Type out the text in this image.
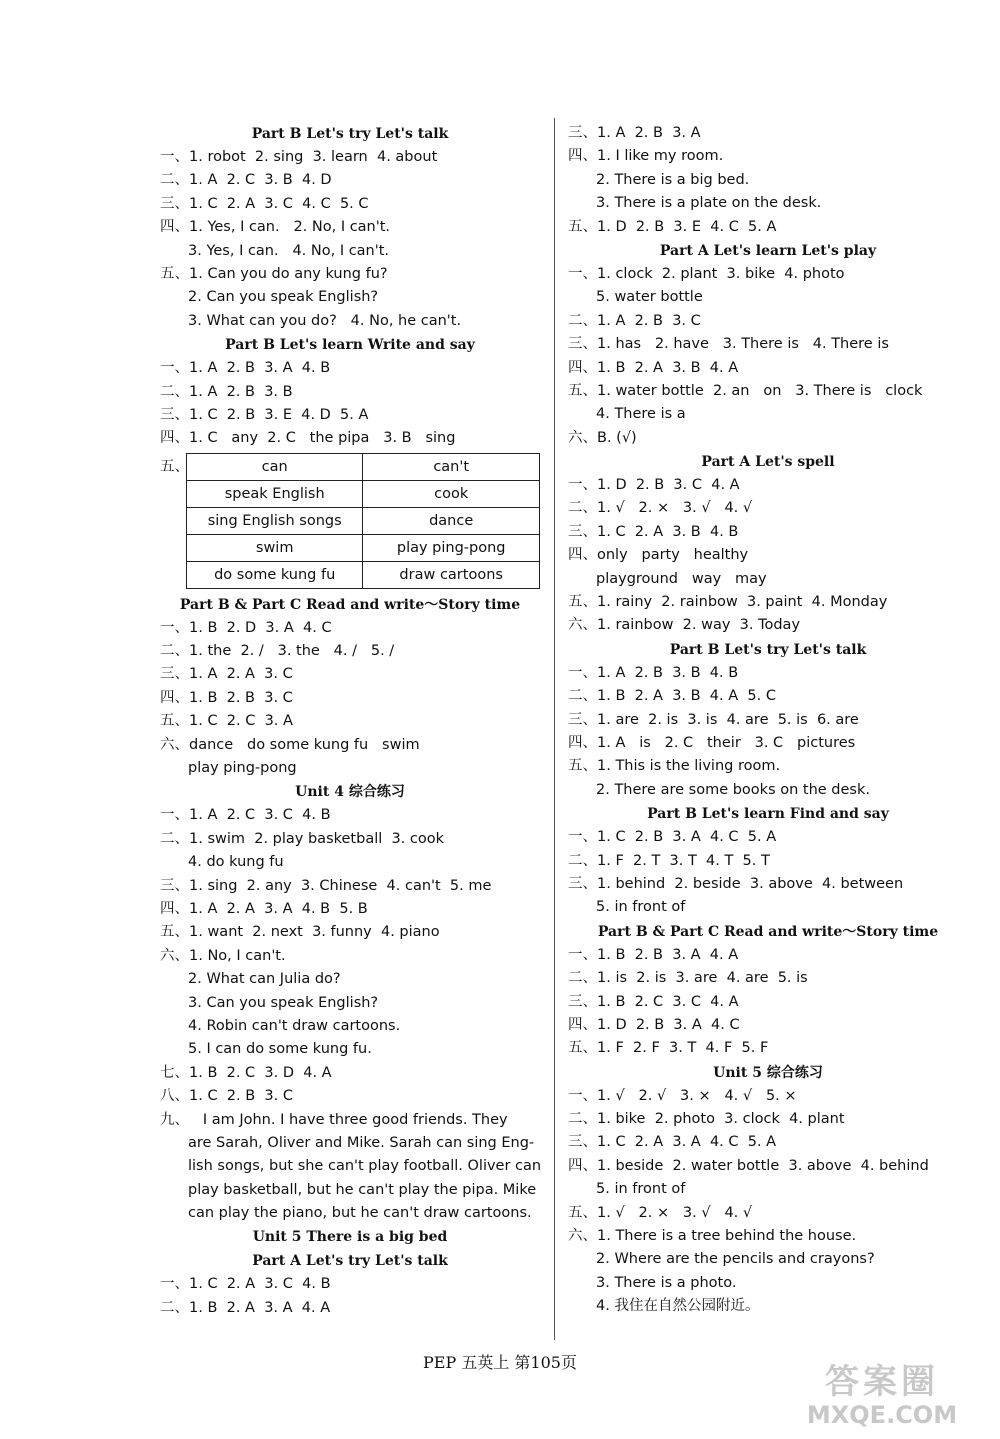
Part B Let's try Let's talk
一、1. robot  2. sing  3. learn  4. about
二、1. A  2. C  3. B  4. D
三、1. C  2. A  3. C  4. C  5. C
四、1. Yes, I can.   2. No, I can't.
3. Yes, I can.   4. No, I can't.
五、1. Can you do any kung fu?
2. Can you speak English?
3. What can you do?   4. No, he can't.
Part B Let's learn Write and say
一、1. A  2. B  3. A  4. B
二、1. A  2. B  3. B
三、1. C  2. B  3. E  4. D  5. A
四、1. C   any  2. C   the pipa   3. B   sing
五、	can	can't
speak English	cook
sing English songs	dance
swim	play ping-pong
do some kung fu	draw cartoons
Part B & Part C Read and write～Story time
一、1. B  2. D  3. A  4. C
二、1. the  2. /   3. the   4. /   5. /
三、1. A  2. A  3. C
四、1. B  2. B  3. C
五、1. C  2. C  3. A
六、dance   do some kung fu   swim
play ping-pong
Unit 4 综合练习
一、1. A  2. C  3. C  4. B
二、1. swim  2. play basketball  3. cook
4. do kung fu
三、1. sing  2. any  3. Chinese  4. can't  5. me
四、1. A  2. A  3. A  4. B  5. B
五、1. want  2. next  3. funny  4. piano
六、1. No, I can't.
2. What can Julia do?
3. Can you speak English?
4. Robin can't draw cartoons.
5. I can do some kung fu.
七、1. B  2. C  3. D  4. A
八、1. C  2. B  3. C
九、   I am John. I have three good friends. They
are Sarah, Oliver and Mike. Sarah can sing Eng-
lish songs, but she can't play football. Oliver can
play basketball, but he can't play the pipa. Mike
can play the piano, but he can't draw cartoons.
Unit 5 There is a big bed
Part A Let's try Let's talk
一、1. C  2. A  3. C  4. B
二、1. B  2. A  3. A  4. A
三、1. A  2. B  3. A
四、1. I like my room.
2. There is a big bed.
3. There is a plate on the desk.
五、1. D  2. B  3. E  4. C  5. A
Part A Let's learn Let's play
一、1. clock  2. plant  3. bike  4. photo
5. water bottle
二、1. A  2. B  3. C
三、1. has   2. have   3. There is   4. There is
四、1. B  2. A  3. B  4. A
五、1. water bottle  2. an   on   3. There is   clock
4. There is a
六、B. (√)
Part A Let's spell
一、1. D  2. B  3. C  4. A
二、1. √   2. ×   3. √   4. √
三、1. C  2. A  3. B  4. B
四、only   party   healthy
playground   way   may
五、1. rainy  2. rainbow  3. paint  4. Monday
六、1. rainbow  2. way  3. Today
Part B Let's try Let's talk
一、1. A  2. B  3. B  4. B
二、1. B  2. A  3. B  4. A  5. C
三、1. are  2. is  3. is  4. are  5. is  6. are
四、1. A   is   2. C   their   3. C   pictures
五、1. This is the living room.
2. There are some books on the desk.
Part B Let's learn Find and say
一、1. C  2. B  3. A  4. C  5. A
二、1. F  2. T  3. T  4. T  5. T
三、1. behind  2. beside  3. above  4. between
5. in front of
Part B & Part C Read and write～Story time
一、1. B  2. B  3. A  4. A
二、1. is  2. is  3. are  4. are  5. is
三、1. B  2. C  3. C  4. A
四、1. D  2. B  3. A  4. C
五、1. F  2. F  3. T  4. F  5. F
Unit 5 综合练习
一、1. √   2. √   3. ×   4. √   5. ×
二、1. bike  2. photo  3. clock  4. plant
三、1. C  2. A  3. A  4. C  5. A
四、1. beside  2. water bottle  3. above  4. behind
5. in front of
五、1. √   2. ×   3. √   4. √
六、1. There is a tree behind the house.
2. Where are the pencils and crayons?
3. There is a photo.
4. 我住在自然公园附近。
PEP 五英上 第105页	答案圈
MXQE.COM
